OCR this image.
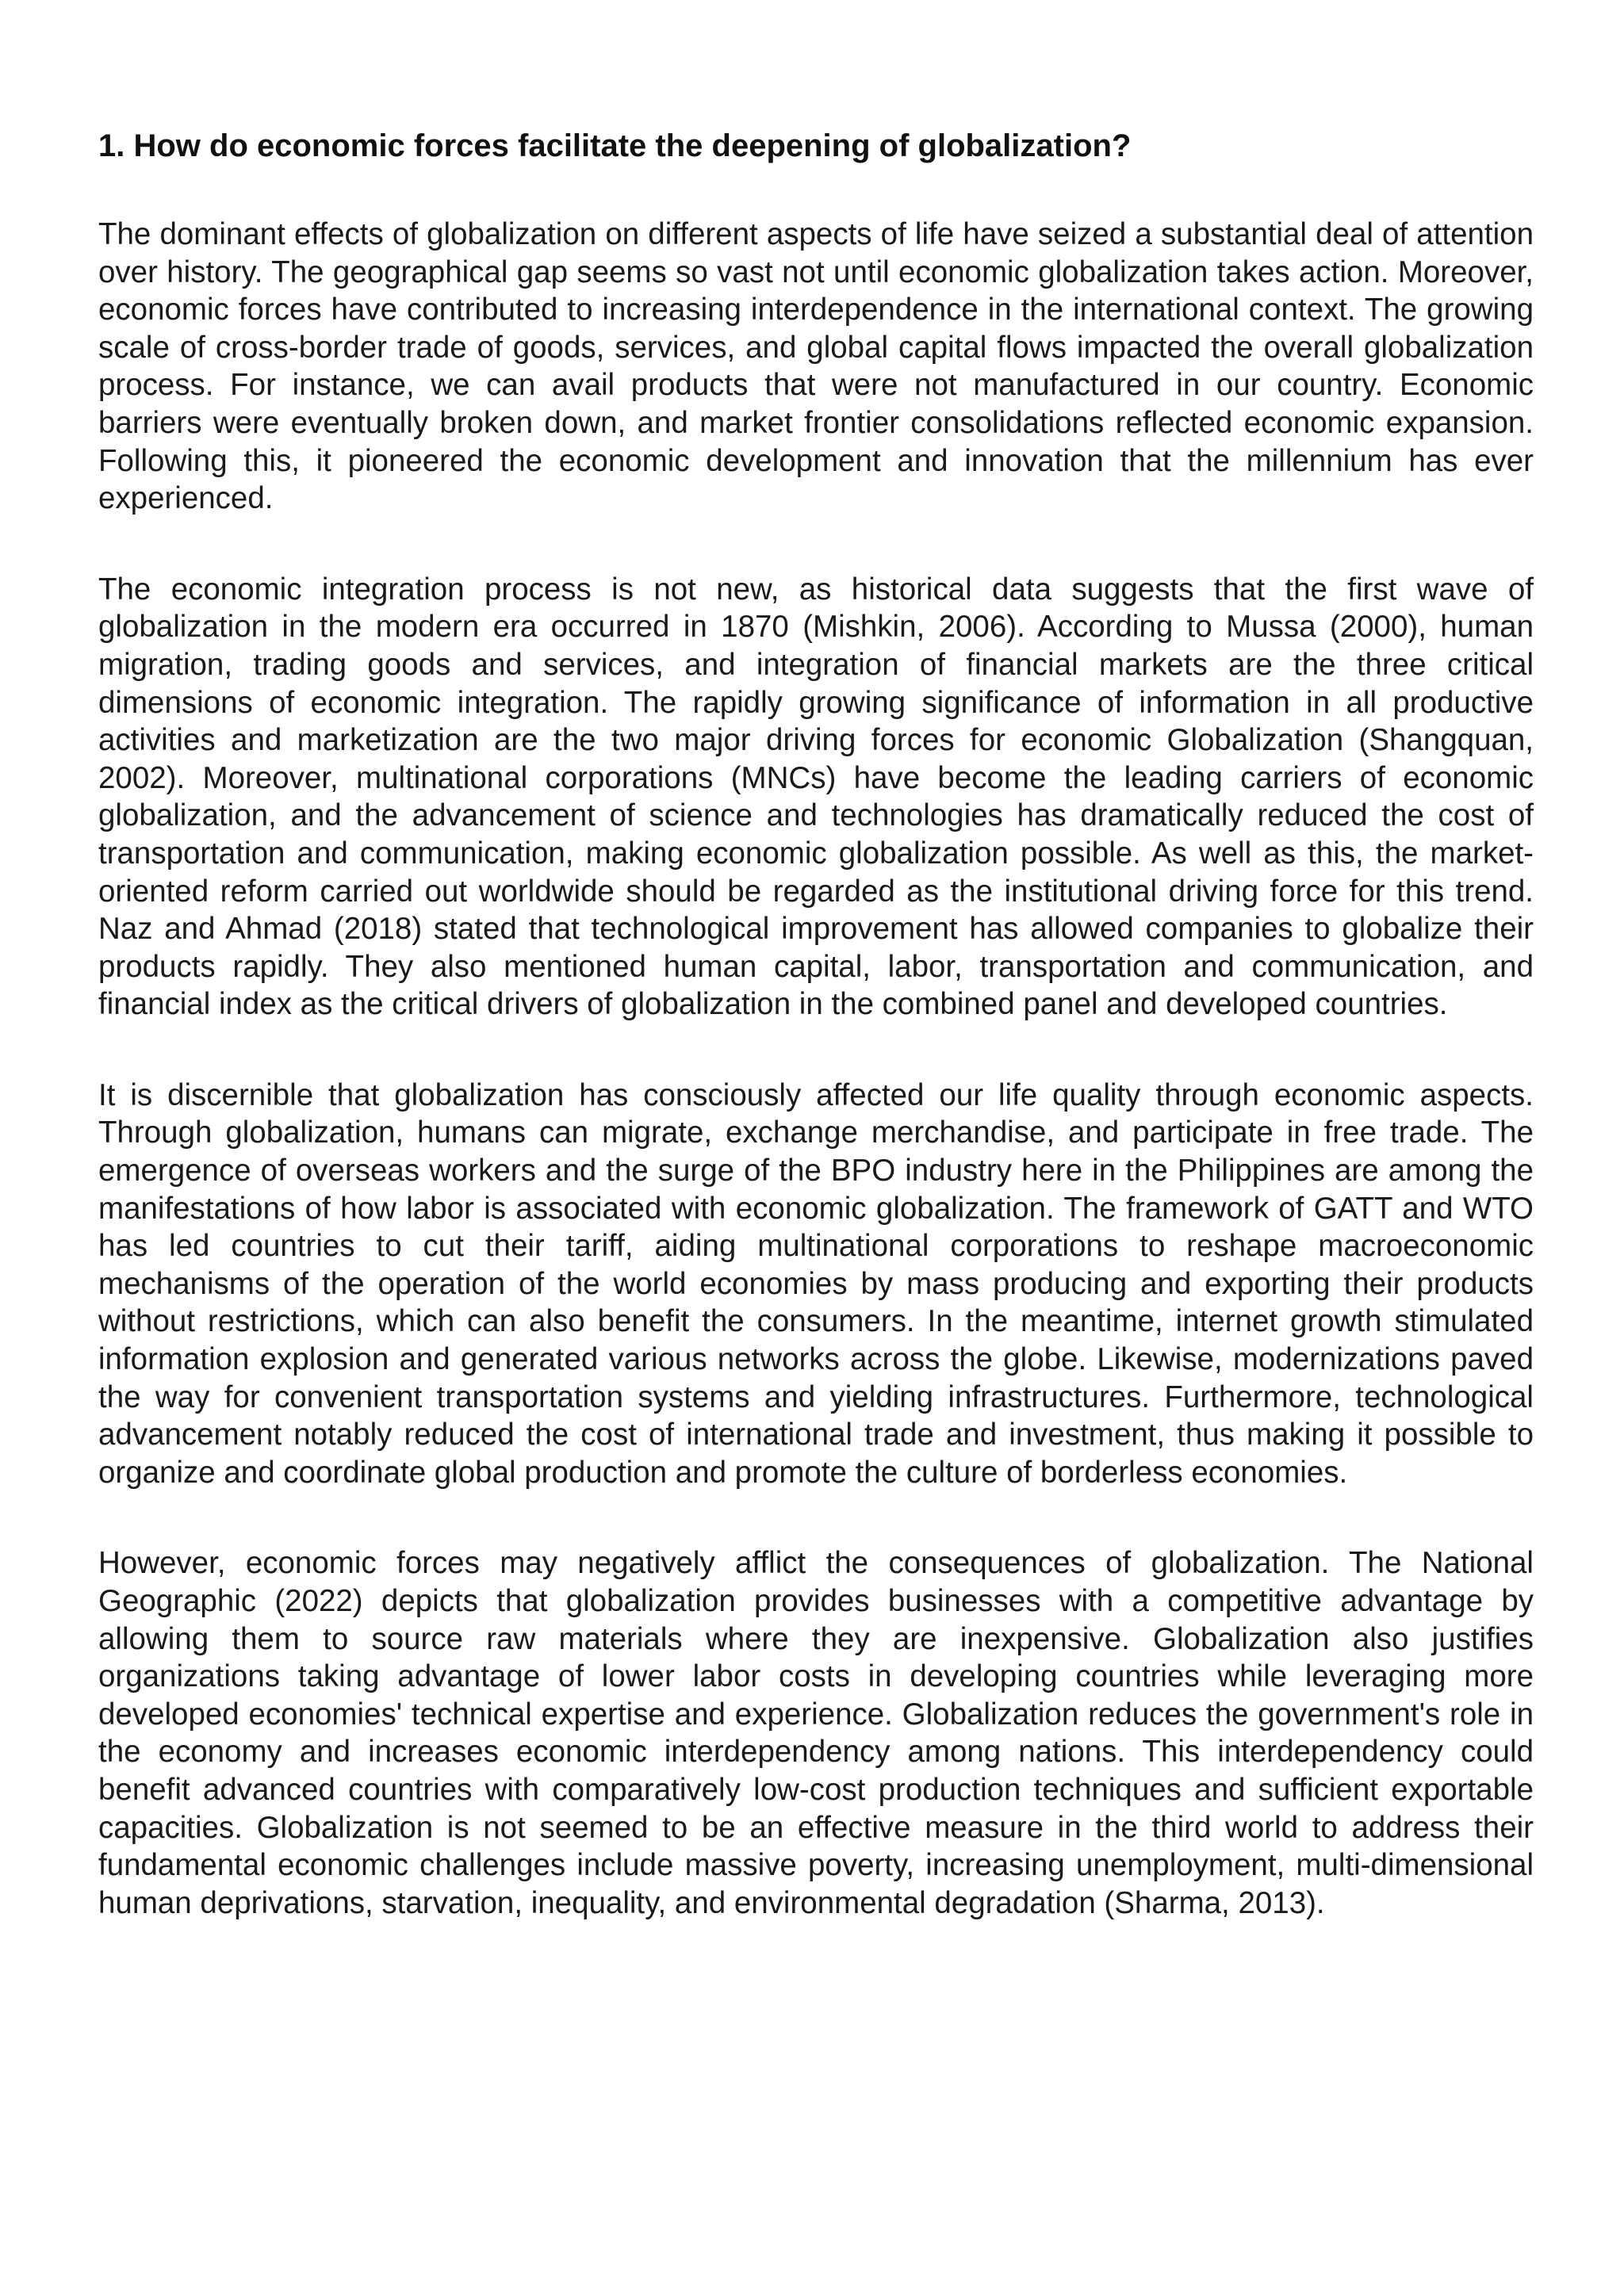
1. How do economic forces facilitate the deepening of globalization?

The dominant effects of globalization on different aspects of life have seized a substantial deal of attention over history. The geographical gap seems so vast not until economic globalization takes action. Moreover, economic forces have contributed to increasing interdependence in the international context. The growing scale of cross-border trade of goods, services, and global capital flows impacted the overall globalization process. For instance, we can avail products that were not manufactured in our country. Economic barriers were eventually broken down, and market frontier consolidations reflected economic expansion. Following this, it pioneered the economic development and innovation that the millennium has ever experienced.

The economic integration process is not new, as historical data suggests that the first wave of globalization in the modern era occurred in 1870 (Mishkin, 2006). According to Mussa (2000), human migration, trading goods and services, and integration of financial markets are the three critical dimensions of economic integration. The rapidly growing significance of information in all productive activities and marketization are the two major driving forces for economic Globalization (Shangquan, 2002). Moreover, multinational corporations (MNCs) have become the leading carriers of economic globalization, and the advancement of science and technologies has dramatically reduced the cost of transportation and communication, making economic globalization possible. As well as this, the market-oriented reform carried out worldwide should be regarded as the institutional driving force for this trend. Naz and Ahmad (2018) stated that technological improvement has allowed companies to globalize their products rapidly. They also mentioned human capital, labor, transportation and communication, and financial index as the critical drivers of globalization in the combined panel and developed countries.

It is discernible that globalization has consciously affected our life quality through economic aspects. Through globalization, humans can migrate, exchange merchandise, and participate in free trade. The emergence of overseas workers and the surge of the BPO industry here in the Philippines are among the manifestations of how labor is associated with economic globalization. The framework of GATT and WTO has led countries to cut their tariff, aiding multinational corporations to reshape macroeconomic mechanisms of the operation of the world economies by mass producing and exporting their products without restrictions, which can also benefit the consumers. In the meantime, internet growth stimulated information explosion and generated various networks across the globe. Likewise, modernizations paved the way for convenient transportation systems and yielding infrastructures. Furthermore, technological advancement notably reduced the cost of international trade and investment, thus making it possible to organize and coordinate global production and promote the culture of borderless economies.

However, economic forces may negatively afflict the consequences of globalization. The National Geographic (2022) depicts that globalization provides businesses with a competitive advantage by allowing them to source raw materials where they are inexpensive. Globalization also justifies organizations taking advantage of lower labor costs in developing countries while leveraging more developed economies' technical expertise and experience. Globalization reduces the government's role in the economy and increases economic interdependency among nations. This interdependency could benefit advanced countries with comparatively low-cost production techniques and sufficient exportable capacities. Globalization is not seemed to be an effective measure in the third world to address their fundamental economic challenges include massive poverty, increasing unemployment, multi-dimensional human deprivations, starvation, inequality, and environmental degradation (Sharma, 2013).
